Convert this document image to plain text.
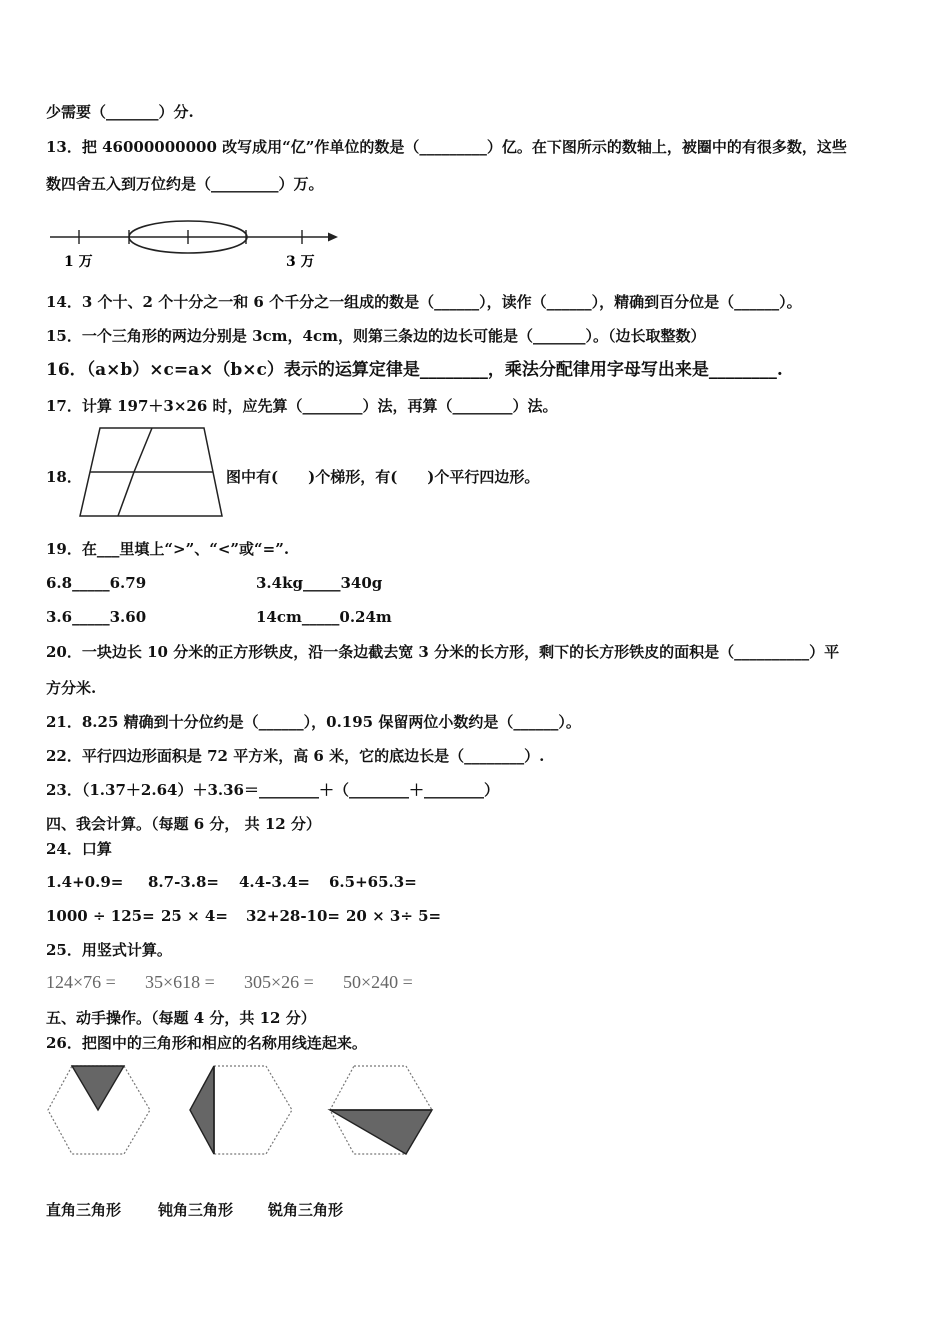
少需要（_______）分.
13．把 46000000000 改写成用“亿”作单位的数是（_________）亿。在下图所示的数轴上，被圈中的有很多数，这些
数四舍五入到万位约是（_________）万。
1 万	3 万
14．3 个十、2 个十分之一和 6 个千分之一组成的数是（______），读作（______），精确到百分位是（______）。
15．一个三角形的两边分别是 3cm，4cm，则第三条边的边长可能是（_______）。（边长取整数）
16．（a×b）×c=a×（b×c）表示的运算定律是________，乘法分配律用字母写出来是________.
17．计算 197＋3×26 时，应先算（________）法，再算（________）法。
18．	图中有(　　)个梯形，有(　　)个平行四边形。
19．在___里填上“>”、“<”或“=”.
6.8_____6.79	3.4kg_____340g
3.6_____3.60	14cm_____0.24m
20．一块边长 10 分米的正方形铁皮，沿一条边截去宽 3 分米的长方形，剩下的长方形铁皮的面积是（__________）平
方分米.
21．8.25 精确到十分位约是（______），0.195 保留两位小数约是（______）。
22．平行四边形面积是 72 平方米，高 6 米，它的底边长是（________）.
23．（1.37＋2.64）＋3.36＝________＋（________＋________）
四、我会计算。（每题 6 分， 共 12 分）
24．口算
1.4+0.9= 8.7-3.8= 4.4-3.4= 6.5+65.3=
1000 ÷ 125= 25 × 4= 32+28-10= 20 × 3÷ 5=
25．用竖式计算。
124×76 = 35×618 = 305×26 = 50×240 =
五、动手操作。（每题 4 分，共 12 分）
26．把图中的三角形和相应的名称用线连起来。
直角三角形 钝角三角形 锐角三角形
